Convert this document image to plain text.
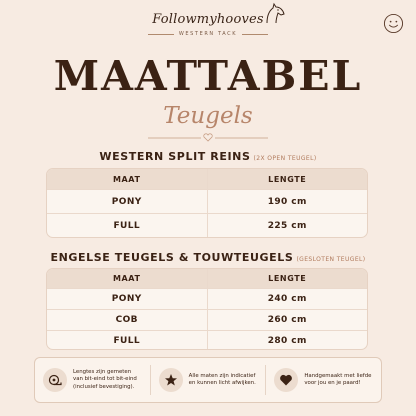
Followmyhooves
WESTERN TACK
MAATTABEL
Teugels
WESTERN SPLIT REINS (2X OPEN TEUGEL)
MAAT	LENGTE
PONY	190 cm
FULL	225 cm
ENGELSE TEUGELS & TOUWTEUGELS (GESLOTEN TEUGEL)
MAAT	LENGTE
PONY	240 cm
COB	260 cm
FULL	280 cm
Lengtes zijn gemeten van bit-eind tot bit-eind (inclusief bevestiging).
Alle maten zijn indicatief en kunnen licht afwijken.
Handgemaakt met liefde voor jou en je paard!
